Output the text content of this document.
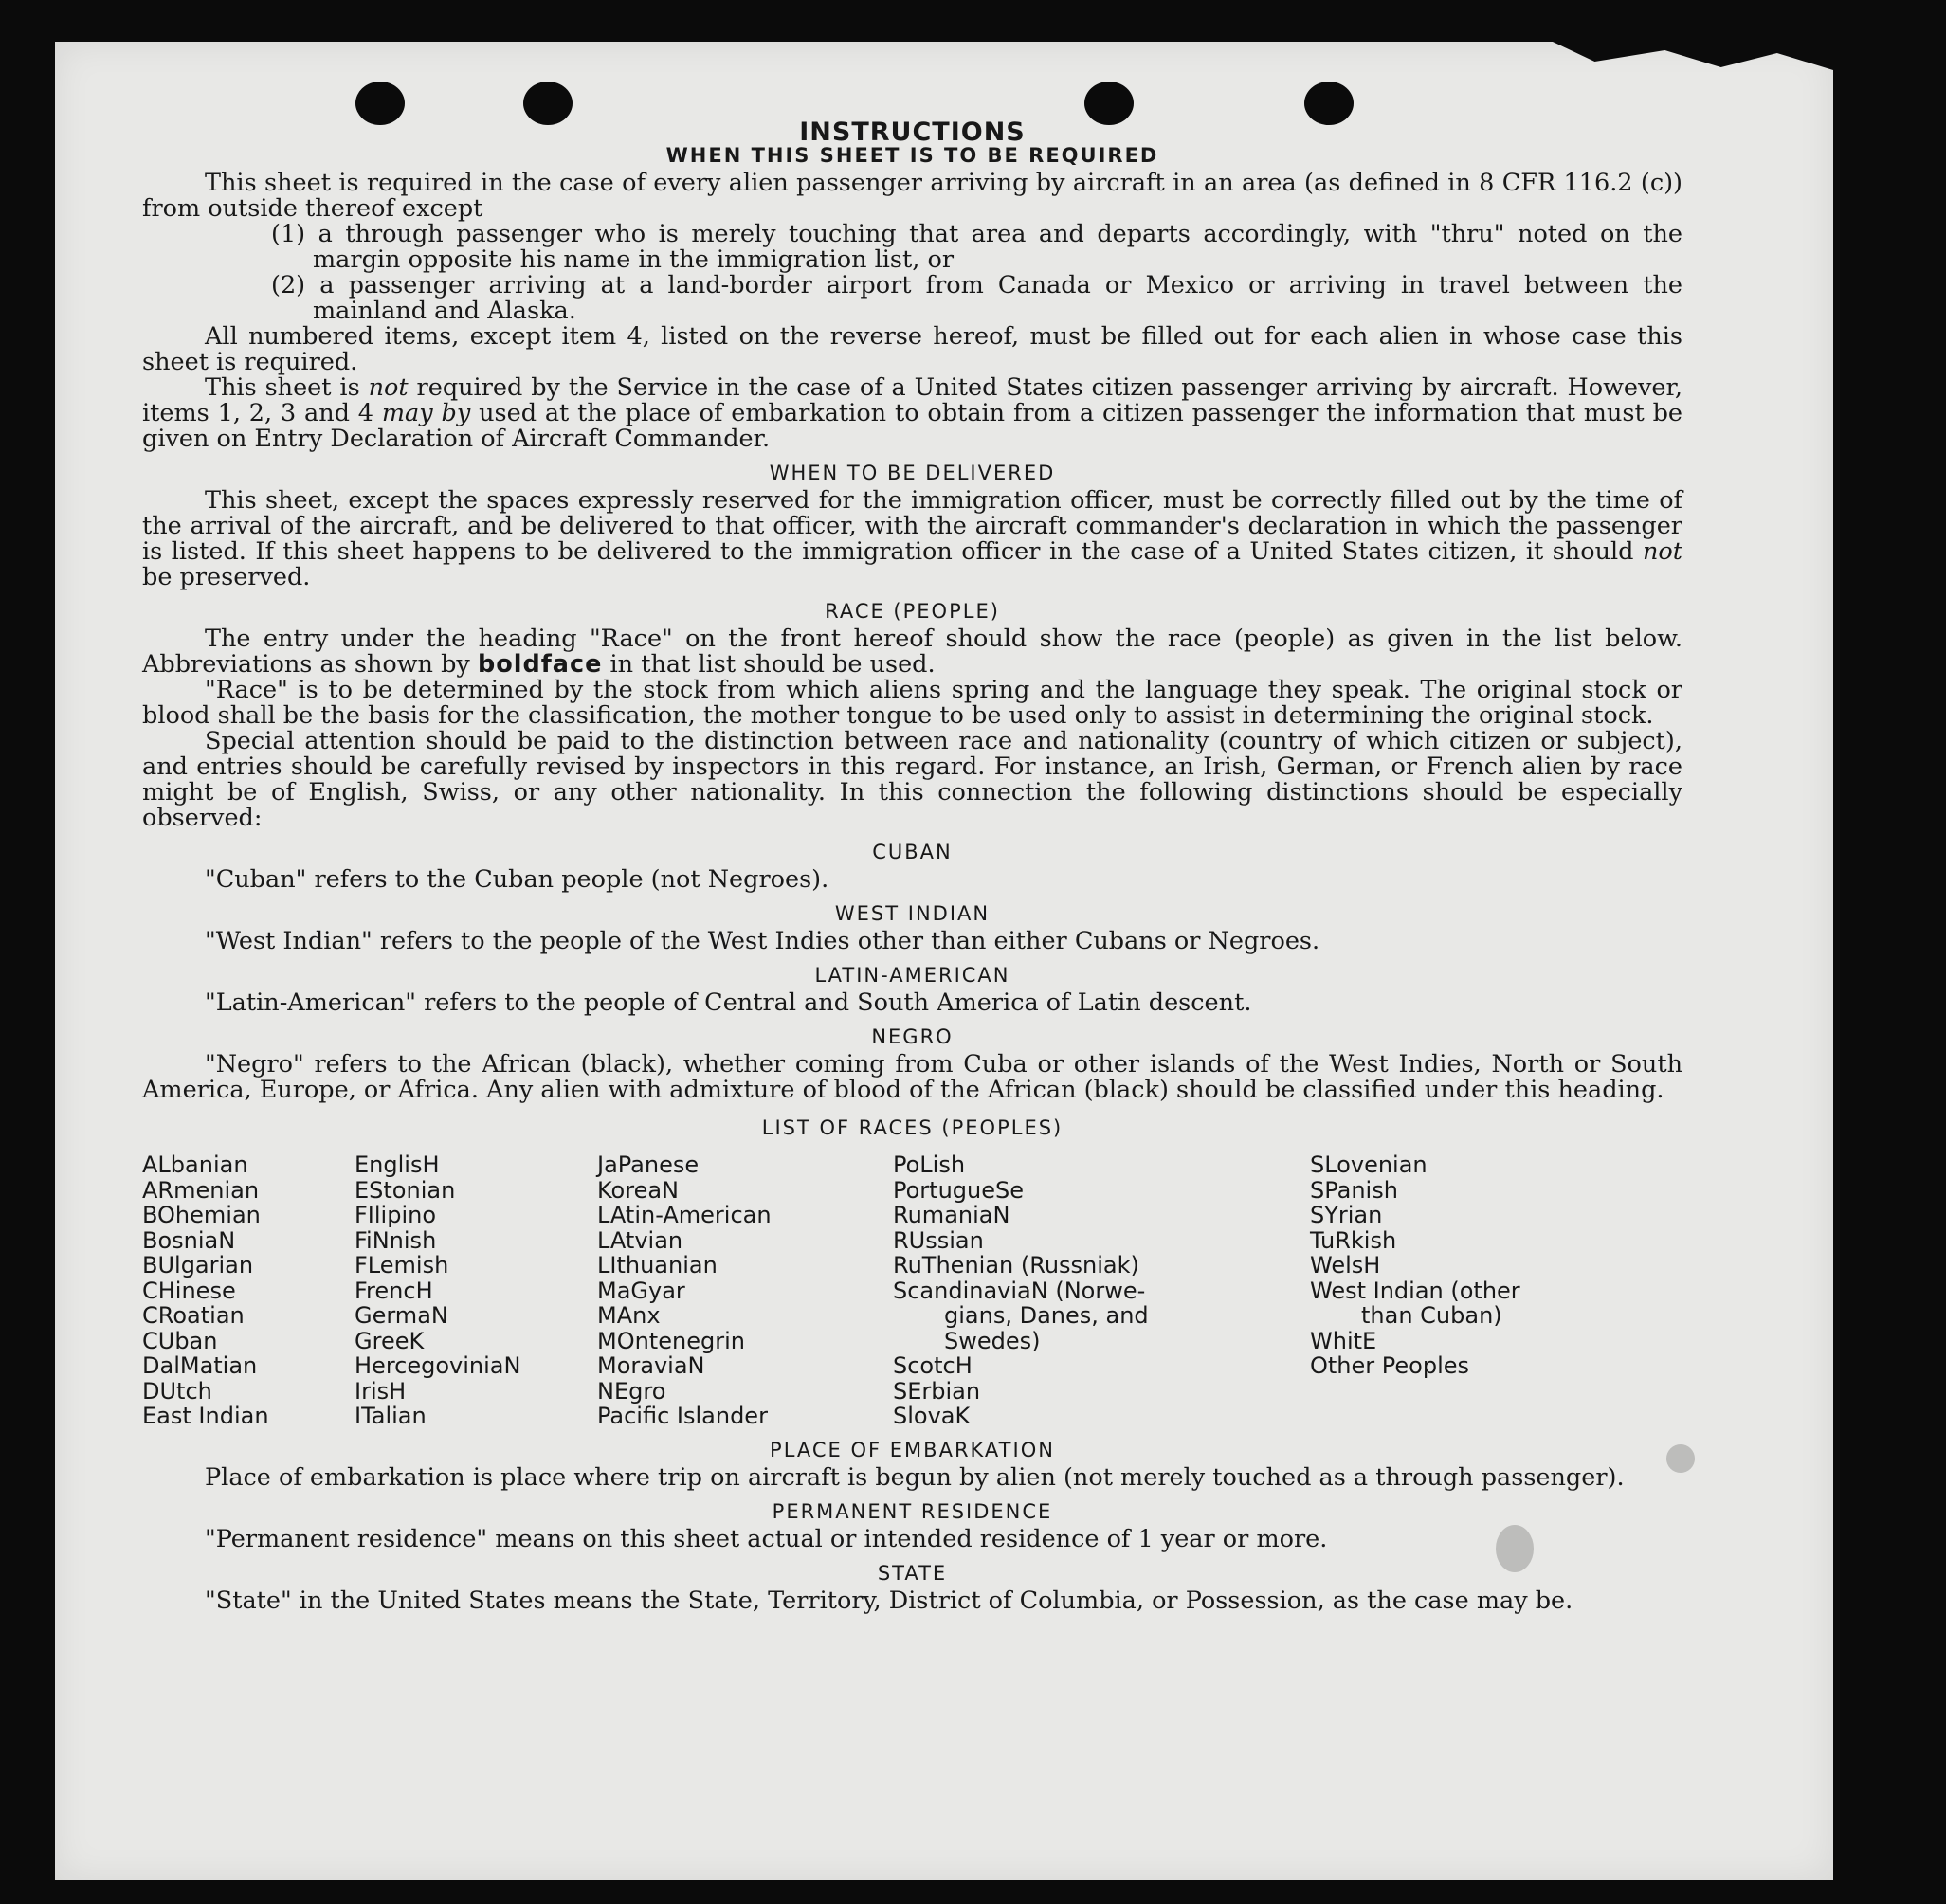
INSTRUCTIONS
WHEN THIS SHEET IS TO BE REQUIRED

This sheet is required in the case of every alien passenger arriving by aircraft in an area (as defined in 8 CFR 116.2 (c)) from outside thereof except

(1) a through passenger who is merely touching that area and departs accordingly, with "thru" noted on the margin opposite his name in the immigration list, or

(2) a passenger arriving at a land-border airport from Canada or Mexico or arriving in travel between the mainland and Alaska.

All numbered items, except item 4, listed on the reverse hereof, must be filled out for each alien in whose case this sheet is required.

This sheet is not required by the Service in the case of a United States citizen passenger arriving by aircraft. However, items 1, 2, 3 and 4 may by used at the place of embarkation to obtain from a citizen passenger the information that must be given on Entry Declaration of Aircraft Commander.

WHEN TO BE DELIVERED

This sheet, except the spaces expressly reserved for the immigration officer, must be correctly filled out by the time of the arrival of the aircraft, and be delivered to that officer, with the aircraft commander's declaration in which the passenger is listed. If this sheet happens to be delivered to the immigration officer in the case of a United States citizen, it should not be preserved.

RACE (PEOPLE)

The entry under the heading "Race" on the front hereof should show the race (people) as given in the list below. Abbreviations as shown by boldface in that list should be used.

"Race" is to be determined by the stock from which aliens spring and the language they speak. The original stock or blood shall be the basis for the classification, the mother tongue to be used only to assist in determining the original stock.

Special attention should be paid to the distinction between race and nationality (country of which citizen or subject), and entries should be carefully revised by inspectors in this regard. For instance, an Irish, German, or French alien by race might be of English, Swiss, or any other nationality. In this connection the following distinctions should be especially observed:

CUBAN

"Cuban" refers to the Cuban people (not Negroes).

WEST INDIAN

"West Indian" refers to the people of the West Indies other than either Cubans or Negroes.

LATIN-AMERICAN

"Latin-American" refers to the people of Central and South America of Latin descent.

NEGRO

"Negro" refers to the African (black), whether coming from Cuba or other islands of the West Indies, North or South America, Europe, or Africa. Any alien with admixture of blood of the African (black) should be classified under this heading.

LIST OF RACES (PEOPLES)
ALbanian
ARmenian
BOhemian
BosniaN
BUlgarian
CHinese
CRoatian
CUban
DalMatian
DUtch
East Indian
EnglisH
EStonian
FIlipino
FiNnish
FLemish
FrencH
GermaN
GreeK
HercegoviniaN
IrisH
ITalian
JaPanese
KoreaN
LAtin-American
LAtvian
LIthuanian
MaGyar
MAnx
MOntenegrin
MoraviaN
NEgro
Pacific Islander
PoLish
PortugueSe
RumaniaN
RUssian
RuThenian (Russniak)
ScandinaviaN (Norwe-
gians, Danes, and
Swedes)
ScotcH
SErbian
SlovaK
SLovenian
SPanish
SYrian
TuRkish
WelsH
West Indian (other
than Cuban)
WhitE
Other Peoples
PLACE OF EMBARKATION

Place of embarkation is place where trip on aircraft is begun by alien (not merely touched as a through passenger).

PERMANENT RESIDENCE

"Permanent residence" means on this sheet actual or intended residence of 1 year or more.

STATE

"State" in the United States means the State, Territory, District of Columbia, or Possession, as the case may be.
